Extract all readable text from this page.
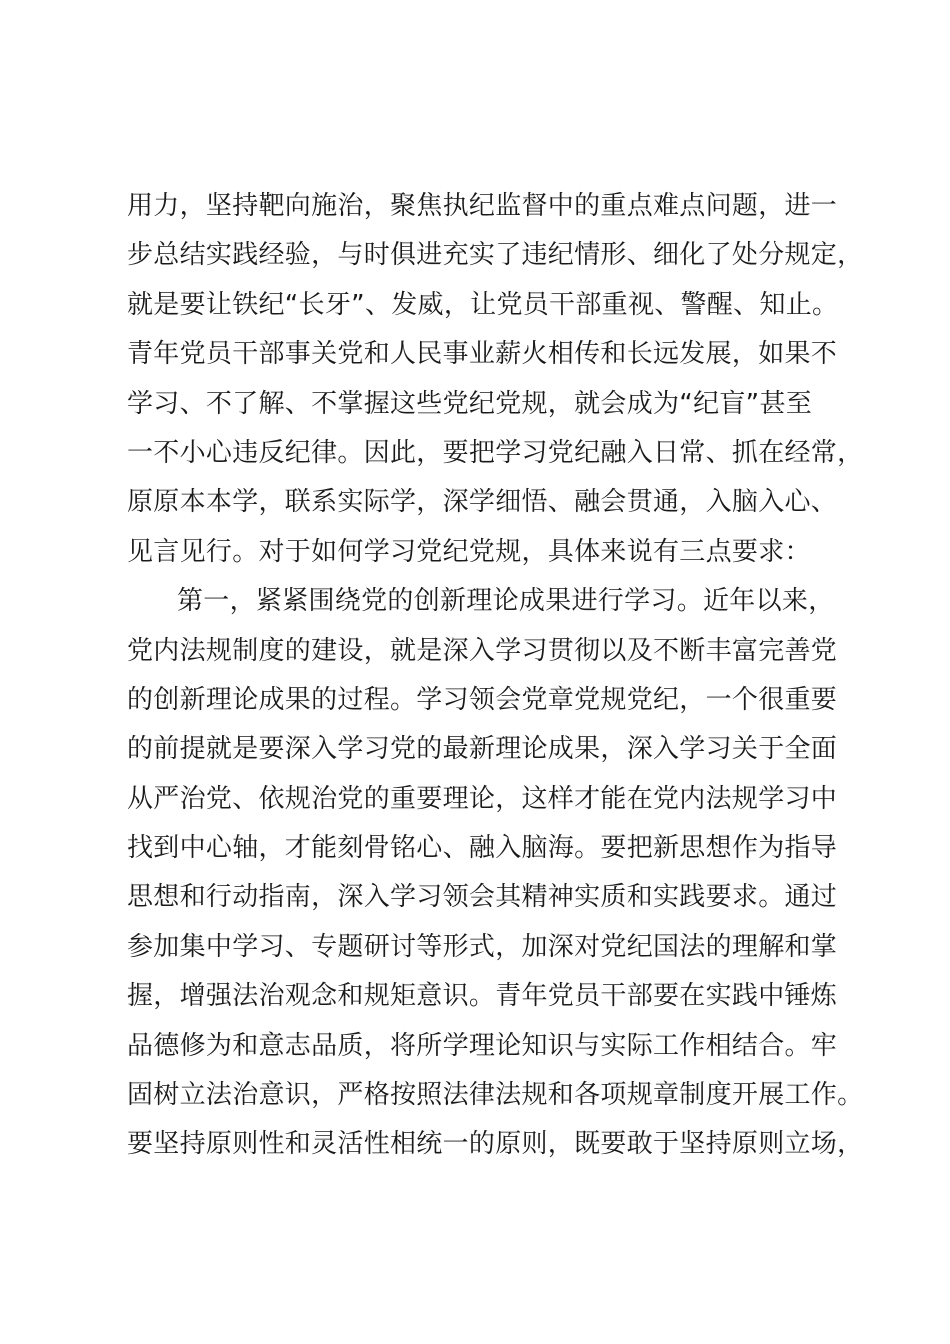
用力，坚持靶向施治，聚焦执纪监督中的重点难点问题，进一
步总结实践经验，与时俱进充实了违纪情形、细化了处分规定，
就是要让铁纪“长牙”、发威，让党员干部重视、警醒、知止。
青年党员干部事关党和人民事业薪火相传和长远发展，如果不
学习、不了解、不掌握这些党纪党规，就会成为“纪盲”甚至
一不小心违反纪律。因此，要把学习党纪融入日常、抓在经常，
原原本本学，联系实际学，深学细悟、融会贯通，入脑入心、
见言见行。对于如何学习党纪党规，具体来说有三点要求：
第一，紧紧围绕党的创新理论成果进行学习。近年以来，
党内法规制度的建设，就是深入学习贯彻以及不断丰富完善党
的创新理论成果的过程。学习领会党章党规党纪，一个很重要
的前提就是要深入学习党的最新理论成果，深入学习关于全面
从严治党、依规治党的重要理论，这样才能在党内法规学习中
找到中心轴，才能刻骨铭心、融入脑海。要把新思想作为指导
思想和行动指南，深入学习领会其精神实质和实践要求。通过
参加集中学习、专题研讨等形式，加深对党纪国法的理解和掌
握，增强法治观念和规矩意识。青年党员干部要在实践中锤炼
品德修为和意志品质，将所学理论知识与实际工作相结合。牢
固树立法治意识，严格按照法律法规和各项规章制度开展工作。
要坚持原则性和灵活性相统一的原则，既要敢于坚持原则立场，
